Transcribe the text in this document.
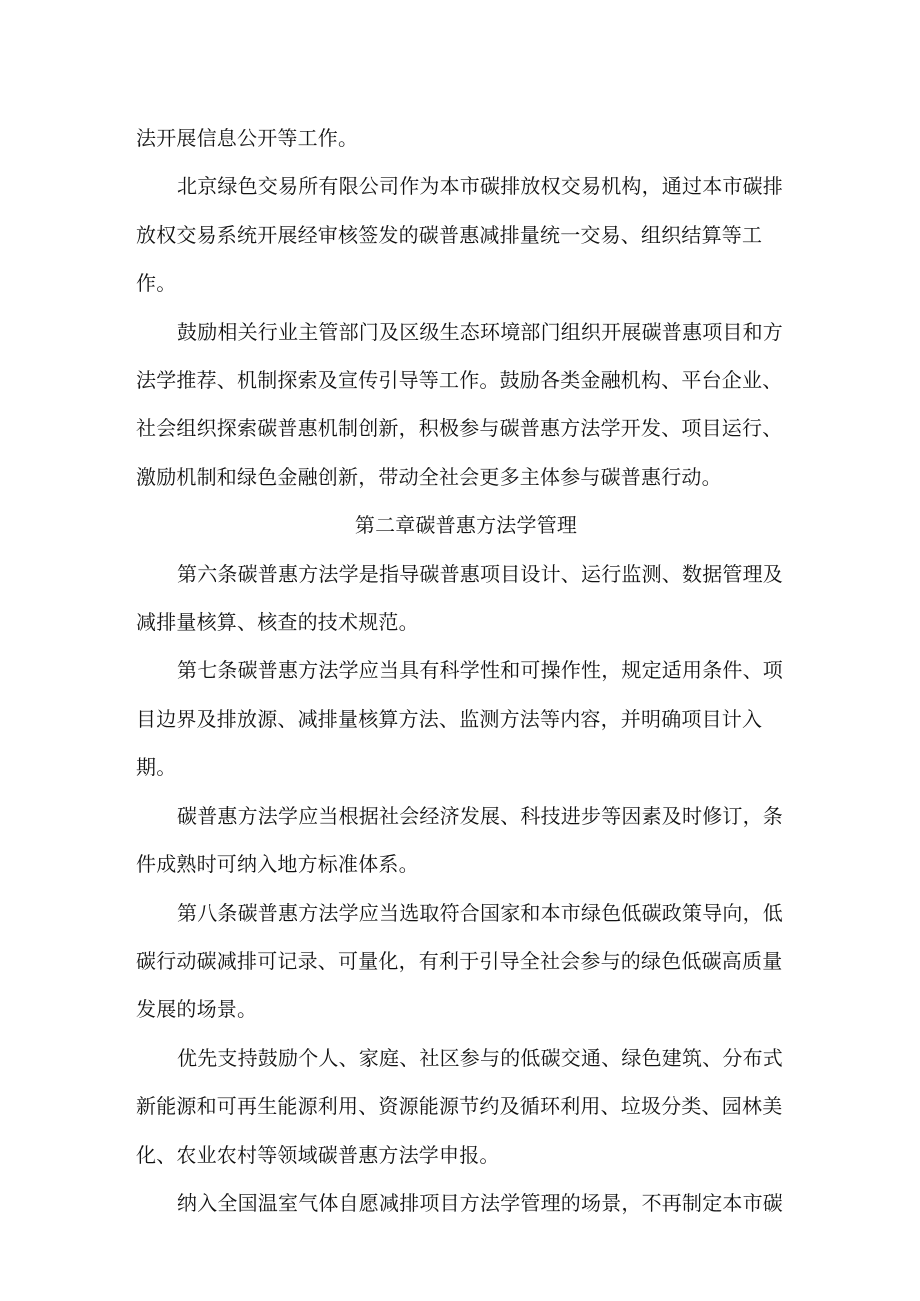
法开展信息公开等工作。

北京绿色交易所有限公司作为本市碳排放权交易机构，通过本市碳排放权交易系统开展经审核签发的碳普惠减排量统一交易、组织结算等工作。

鼓励相关行业主管部门及区级生态环境部门组织开展碳普惠项目和方法学推荐、机制探索及宣传引导等工作。鼓励各类金融机构、平台企业、社会组织探索碳普惠机制创新，积极参与碳普惠方法学开发、项目运行、激励机制和绿色金融创新，带动全社会更多主体参与碳普惠行动。

第二章碳普惠方法学管理

第六条碳普惠方法学是指导碳普惠项目设计、运行监测、数据管理及减排量核算、核查的技术规范。

第七条碳普惠方法学应当具有科学性和可操作性，规定适用条件、项目边界及排放源、减排量核算方法、监测方法等内容，并明确项目计入期。

碳普惠方法学应当根据社会经济发展、科技进步等因素及时修订，条件成熟时可纳入地方标准体系。

第八条碳普惠方法学应当选取符合国家和本市绿色低碳政策导向，低碳行动碳减排可记录、可量化，有利于引导全社会参与的绿色低碳高质量发展的场景。

优先支持鼓励个人、家庭、社区参与的低碳交通、绿色建筑、分布式新能源和可再生能源利用、资源能源节约及循环利用、垃圾分类、园林美化、农业农村等领域碳普惠方法学申报。

纳入全国温室气体自愿减排项目方法学管理的场景，不再制定本市碳
